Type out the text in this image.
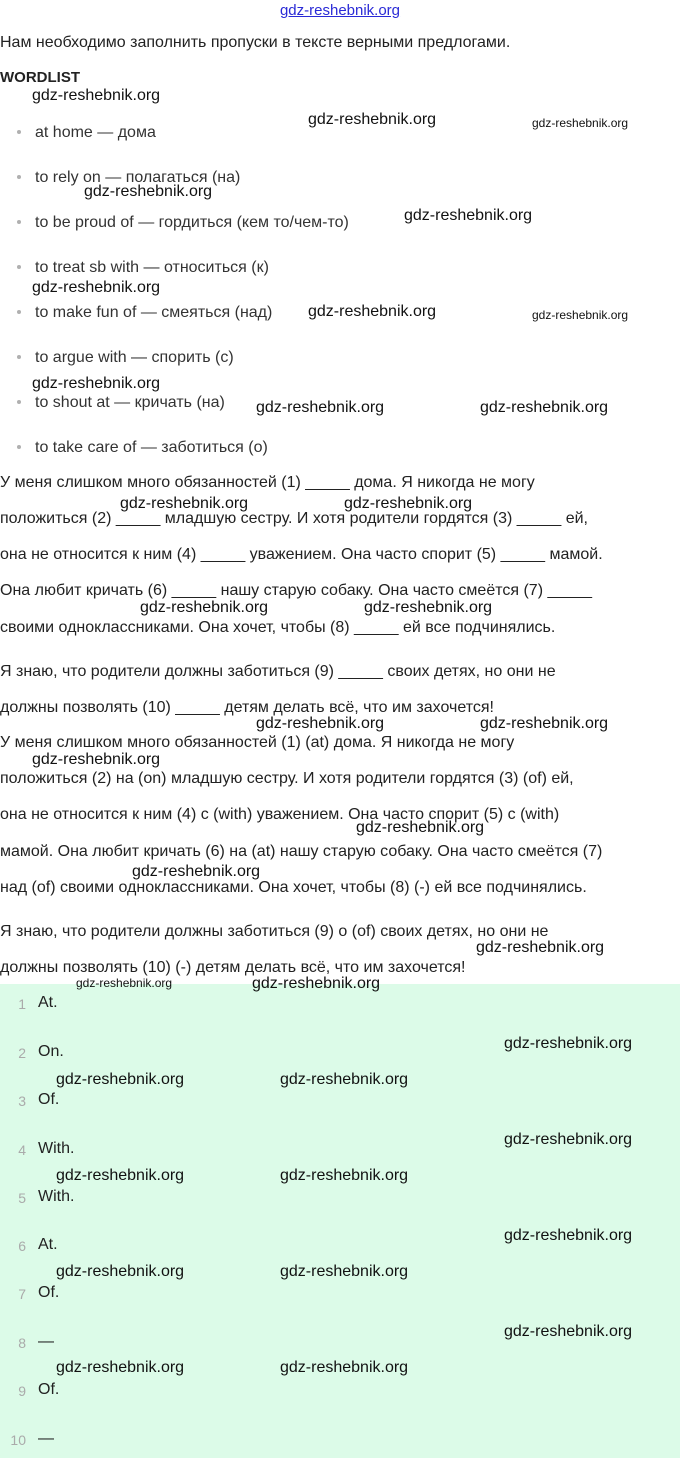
gdz-reshebnik.org
Нам необходимо заполнить пропуски в тексте верными предлогами.
WORDLIST
at home — дома
to rely on — полагаться (на)
to be proud of — гордиться (кем то/чем-то)
to treat sb with — относиться (к)
to make fun of — смеяться (над)
to argue with — спорить (с)
to shout at — кричать (на)
to take care of — заботиться (о)
У меня слишком много обязанностей (1) _____ дома. Я никогда не могу
положиться (2) _____ младшую сестру. И хотя родители гордятся (3) _____ ей,
она не относится к ним (4) _____ уважением. Она часто спорит (5) _____ мамой.
Она любит кричать (6) _____ нашу старую собаку. Она часто смеётся (7) _____
своими одноклассниками. Она хочет, чтобы (8) _____ ей все подчинялись.
Я знаю, что родители должны заботиться (9) _____ своих детях, но они не
должны позволять (10) _____ детям делать всё, что им захочется!
У меня слишком много обязанностей (1) (at) дома. Я никогда не могу
положиться (2) на (on) младшую сестру. И хотя родители гордятся (3) (of) ей,
она не относится к ним (4) с (with) уважением. Она часто спорит (5) с (with)
мамой. Она любит кричать (6) на (at) нашу старую собаку. Она часто смеётся (7)
над (of) своими одноклассниками. Она хочет, чтобы (8) (-) ей все подчинялись.
Я знаю, что родители должны заботиться (9) о (of) своих детях, но они не
должны позволять (10) (-) детям делать всё, что им захочется!
1 At.
2 On.
3 Of.
4 With.
5 With.
6 At.
7 Of.
8 —
9 Of.
10 —
gdz-reshebnik.org
gdz-reshebnik.org	gdz-reshebnik.org
gdz-reshebnik.org
gdz-reshebnik.org
gdz-reshebnik.org
gdz-reshebnik.org	gdz-reshebnik.org
gdz-reshebnik.org
gdz-reshebnik.org	gdz-reshebnik.org
gdz-reshebnik.org	gdz-reshebnik.org
gdz-reshebnik.org	gdz-reshebnik.org
gdz-reshebnik.org	gdz-reshebnik.org
gdz-reshebnik.org
gdz-reshebnik.org
gdz-reshebnik.org
gdz-reshebnik.org
gdz-reshebnik.org	gdz-reshebnik.org
gdz-reshebnik.org
gdz-reshebnik.org	gdz-reshebnik.org
gdz-reshebnik.org
gdz-reshebnik.org	gdz-reshebnik.org
gdz-reshebnik.org
gdz-reshebnik.org	gdz-reshebnik.org
gdz-reshebnik.org
gdz-reshebnik.org	gdz-reshebnik.org
